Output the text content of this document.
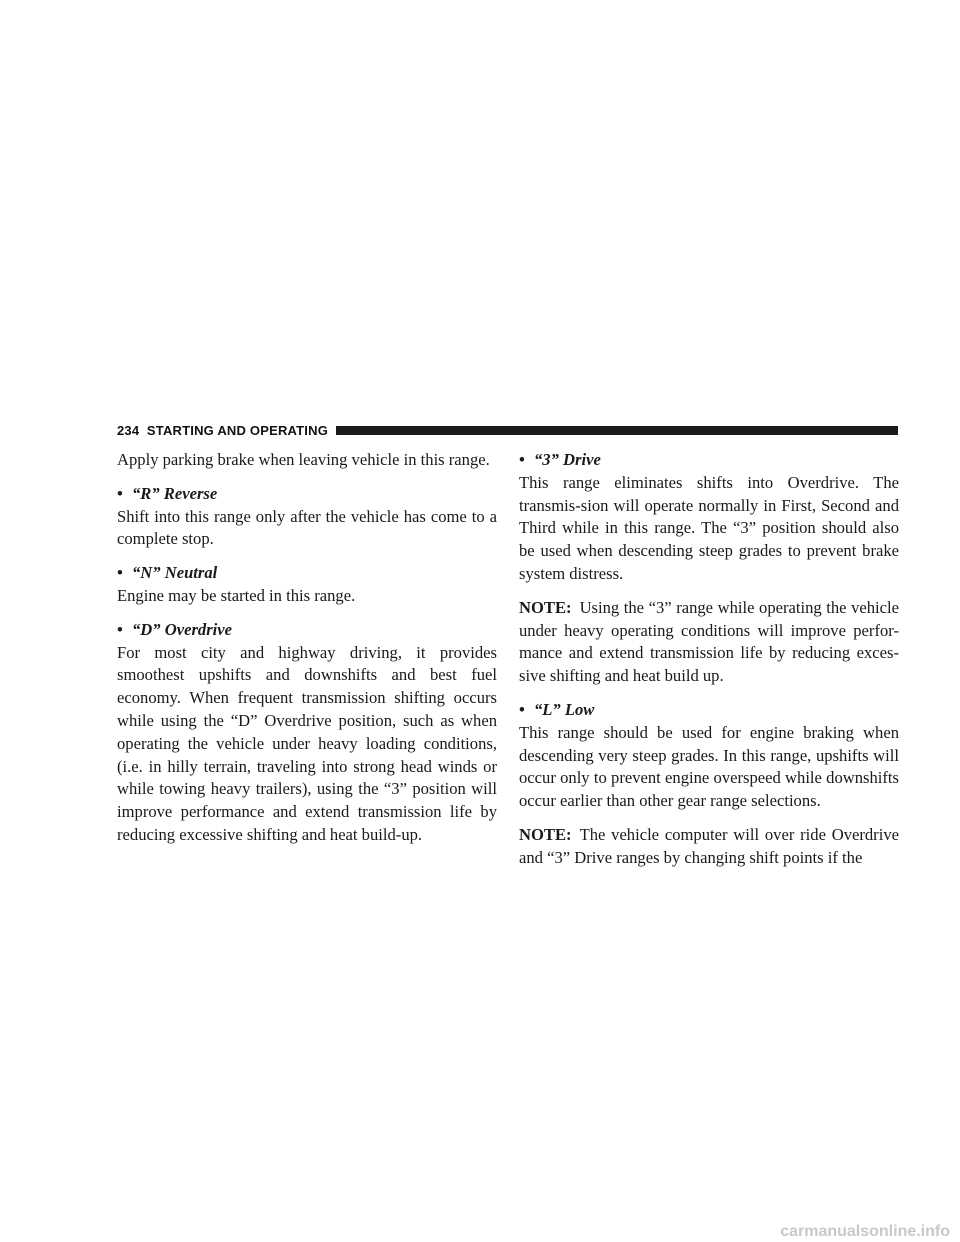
234 STARTING AND OPERATING

Apply parking brake when leaving vehicle in this range.

• “R” Reverse

Shift into this range only after the vehicle has come to a complete stop.

• “N” Neutral

Engine may be started in this range.

• “D” Overdrive

For most city and highway driving, it provides smoothest upshifts and downshifts and best fuel economy. When frequent transmission shifting occurs while using the “D” Overdrive position, such as when operating the vehicle under heavy loading conditions, (i.e. in hilly terrain, traveling into strong head winds or while towing heavy trailers), using the “3” position will improve performance and extend transmission life by reducing excessive shifting and heat build-up.

• “3” Drive

This range eliminates shifts into Overdrive. The transmis-sion will operate normally in First, Second and Third while in this range. The “3” position should also be used when descending steep grades to prevent brake system distress.

NOTE: Using the “3” range while operating the vehicle under heavy operating conditions will improve perfor-mance and extend transmission life by reducing exces-sive shifting and heat build up.

• “L” Low

This range should be used for engine braking when descending very steep grades. In this range, upshifts will occur only to prevent engine overspeed while downshifts occur earlier than other gear range selections.

NOTE: The vehicle computer will over ride Overdrive and “3” Drive ranges by changing shift points if the

carmanualsonline.info
